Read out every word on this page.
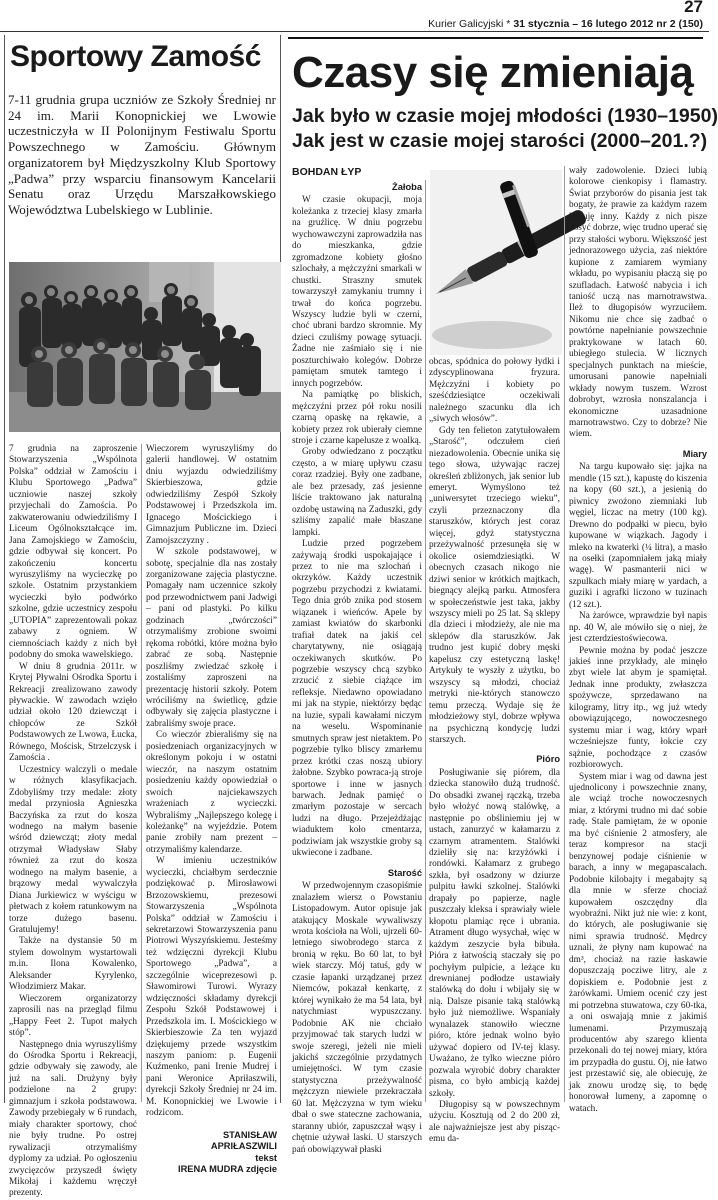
27
Kurier Galicyjski * 31 stycznia – 16 lutego 2012 nr 2 (150)
Sportowy Zamość
7-11 grudnia grupa uczniów ze Szkoły Średniej nr 24 im. Marii Konopnickiej we Lwowie uczestniczyła w II Polonijnym Festiwalu Sportu Powszechnego w Zamościu. Głównym organizatorem był Międzyszkolny Klub Sportowy „Padwa” przy wsparciu finansowym Kancelarii Senatu oraz Urzędu Marszałkowskiego Województwa Lubelskiego w Lublinie.

7 grudnia na zaproszenie Stowarzyszenia „Wspólnota Polska” oddział w Zamościu i Klubu Sportowego „Padwa” uczniowie naszej szkoły przyjechali do Zamościa. Po zakwaterowaniu odwiedziliśmy I Liceum Ogólnokształcące im. Jana Zamojskiego w Zamościu, gdzie odbywał się koncert. Po zakończeniu koncertu wyruszyliśmy na wycieczkę po szkole. Ostatnim przystankiem wycieczki było podwórko szkolne, gdzie uczestnicy zespołu „UTOPIA” zaprezentowali pokaz zabawy z ogniem. W ciemnościach każdy z nich był podobny do smoka wawelskiego.

W dniu 8 grudnia 2011r. w Krytej Pływalni Ośrodka Sportu i Rekreacji zrealizowano zawody pływackie. W zawodach wzięło udział około 120 dziewcząt i chłopców ze Szkół Podstawowych ze Lwowa, Łucka, Równego, Mościsk, Strzelczysk i Zamościa .

Uczestnicy walczyli o medale w różnych klasyfikacjach. Zdobyliśmy trzy medale: złoty medal przyniosła Agnieszka Baczyńska za rzut do kosza wodnego na małym basenie wśród dziewcząt; złoty medal otrzymał Władysław Słaby również za rzut do kosza wodnego na małym basenie, a brązowy medal wywalczyła Diana Jurkiewicz w wyścigu w płetwach z kołem ratunkowym na torze dużego basenu. Gratulujemy!

Także na dystansie 50 m stylem dowolnym wystartowali m.in. Ilona Kowalenko, Aleksander Kyrylenko, Włodzimierz Makar.

Wieczorem organizatorzy zaprosili nas na przegląd filmu „Happy Feet 2. Tupot małych stóp”.

Następnego dnia wyruszyliśmy do Ośrodka Sportu i Rekreacji, gdzie odbywały się zawody, ale już na sali. Drużyny były podzielone na 2 grupy: gimnazjum i szkoła podstawowa. Zawody przebiegały w 6 rundach, miały charakter sportowy, choć nie były trudne. Po ostrej rywalizacji otrzymaliśmy dyplomy za udział. Po ogłoszeniu zwycięzców przyszedł święty Mikołaj i każdemu wręczył prezenty.

Wieczorem wyruszyliśmy do galerii handlowej. W ostatnim dniu wyjazdu odwiedziliśmy Skierbieszowa, gdzie odwiedziliśmy Zespół Szkoły Podstawowej i Przedszkola im. Ignacego Mościckiego i Gimnazjum Publiczne im. Dzieci Zamojszczyzny .

W szkole podstawowej, w sobotę, specjalnie dla nas zostały zorganizowane zajęcia plastyczne. Pomagały nam uczennice szkoły pod przewodnictwem pani Jadwigi – pani od plastyki. Po kilku godzinach „twórczości” otrzymaliśmy zrobione swoimi rękoma robótki, które można było zabrać ze sobą. Następnie poszliśmy zwiedzać szkołę i zostaliśmy zaproszeni na prezentację historii szkoły. Potem wróciliśmy na świetlicę, gdzie odbywały się zajęcia plastyczne i zabraliśmy swoje prace.

Co wieczór zbieraliśmy się na posiedzeniach organizacyjnych w określonym pokoju i w ostatni wieczór, na naszym ostatnim posiedzeniu każdy opowiedział o swoich najciekawszych wrażeniach z wycieczki. Wybraliśmy „Najlepszego kolegę i koleżankę” na wyjeździe. Potem panie zrobiły nam prezent – otrzymaliśmy kalendarze.

W imieniu uczestników wycieczki, chciałbym serdecznie podziękować p. Mirosławowi Brzozowskiemu, prezesowi Stowarzyszenia „Wspólnota Polska” oddział w Zamościu i sekretarzowi Stowarzyszenia panu Piotrowi Wyszyńskiemu. Jesteśmy też wdzięczni dyrekcji Klubu Sportowego „Padwa”, a szczególnie wiceprezesowi p. Sławomirowi Turowi. Wyrazy wdzięczności składamy dyrekcji Zespołu Szkół Podstawowej i Przedszkola im. I. Mościckiego w Skierbieszowie Za ten wyjazd dziękujemy przede wszystkim naszym paniom: p. Eugenii Kuźmenko, pani Irenie Mudrej i pani Weronice Apriłaszwili, dyrekcji Szkoły Średniej nr 24 im. M. Konopnickiej we Lwowie i rodzicom.

STANISŁAW APRIŁASZWILI

tekst

IRENA MUDRA zdjęcie

Czasy się zmieniają
Jak było w czasie mojej młodości (1930–1950)
Jak jest w czasie mojej starości (2000–201.?)
BOHDAN ŁYP
Żałoba

W czasie okupacji, moja koleżanka z trzeciej klasy zmarła na gruźlicę. W dniu pogrzebu wychowawczyni zaprowadziła nas do mieszkanka, gdzie zgromadzone kobiety głośno szlochały, a mężczyźni smarkali w chustki. Straszny smutek towarzyszył zamykaniu trumny i trwał do końca pogrzebu. Wszyscy ludzie byli w czerni, choć ubrani bardzo skromnie. My dzieci czuliśmy powagę sytuacji. Żadne nie zaśmiało się i nie poszturchiwało kolegów. Dobrze pamiętam smutek tamtego i innych pogrzebów.

Na pamiątkę po bliskich, mężczyźni przez pół roku nosili czarną opaskę na rękawie, a kobiety przez rok ubierały ciemne stroje i czarne kapelusze z woalką.

Groby odwiedzano z początku często, a w miarę upływu czasu coraz rzadziej. Były one zadbane, ale bez przesady, zaś jesienne liście traktowano jak naturalną ozdobę ustawiną na Zaduszki, gdy szliśmy zapalić małe błaszane lampki.

Ludzie przed pogrzebem zażywają środki uspokajające i przez to nie ma szlochań i okrzyków. Każdy uczestnik pogrzebu przychodzi z kwiatami. Tego dnia grób znika pod stosem wiązanek i wieńców. Apele by zamiast kwiatów do skarbonki trafiał datek na jakiś cel charytatywny, nie osiągają oczekiwanych skutków. Po pogrzebie wszyscy chcą szybko zrzucić z siebie ciążące im refleksje. Niedawno opowiadano mi jak na stypie, niektórzy będąc na luzie, sypali kawałami niczym na weselu. Wspominanie smutnych spraw jest nietaktem. Po pogrzebie tylko bliscy zmarłemu przez krótki czas noszą ubiory żałobne. Szybko powraca-ją stroje sportowe i inne w jasnych barwach. Jednak pamięć o zmarłym pozostaje w sercach ludzi na długo. Przejeżdżając wiaduktem koło cmentarza, podziwiam jak wszystkie groby są ukwiecone i zadbane.

Starość

W przedwojennym czasopiśmie znalazłem wiersz o Powstaniu Listopadowym. Autor opisuje jak atakujący Moskale wywaliwszy wrota kościoła na Woli, ujrzeli 60-letniego siwobrodego starca z bronią w ręku. Bo 60 lat, to był wiek starczy. Mój tatuś, gdy w czasie łapanki urządzanej przez Niemców, pokazał kenkartę, z której wynikało że ma 54 lata, był natychmiast wypuszczany. Podobnie AK nie chciało przyjmować tak starych ludzi w swoje szeregi, jeżeli nie mieli jakichś szczególnie przydatnych umiejętności. W tym czasie statystyczna przeżywalność mężczyzn niewiele przekraczała 60 lat. Mężczyzna w tym wieku dbał o swe stateczne zachowania, staranny ubiór, zapuszczał wąsy i chętnie używał laski. U starszych pań obowiązywał płaski

obcas, spódnica do połowy łydki i zdyscyplinowana fryzura. Mężczyźni i kobiety po sześćdziesiątce oczekiwali należnego szacunku dla ich „siwych włosów”.

Gdy ten felieton zatytułowałem „Starość”, odczułem cień niezadowolenia. Obecnie unika się tego słowa, używając raczej określeń zbliżonych, jak senior lub emeryt. Wymyślono też „uniwersytet trzeciego wieku”, czyli przeznaczony dla staruszków, których jest coraz więcej, gdyż statystyczna przeżywalność przesunęła się w okolice osiemdziesiątki. W obecnych czasach nikogo nie dziwi senior w krótkich majtkach, biegnący alejką parku. Atmosfera w społeczeństwie jest taka, jakby wszyscy mieli po 25 lat. Są sklepy dla dzieci i młodzieży, ale nie ma sklepów dla staruszków. Jak trudno jest kupić dobry męski kapelusz czy estetyczną laskę! Artykuły te wyszły z użytku, bo wszyscy są młodzi, chociaż metryki nie-których stanowczo temu przeczą. Wydaje się że młodzieżowy styl, dobrze wpływa na psychiczną kondycję ludzi starszych.

Pióro

Posługiwanie się piórem, dla dziecka stanowiło dużą trudność. Do obsadki zwanej rączką, trzeba było włożyć nową stalówkę, a następnie po obśliniemiu jej w ustach, zanurzyć w kałamarzu z czarnym atramentem. Stalówki dzieliły się na: krzyżówki i rondówki. Kałamarz z grubego szkła, był osadzony w dziurze pulpitu ławki szkolnej. Stalówki drapały po papierze, nagle puszczały kleksa i sprawiały wiele kłopotu plamiąc ręce i ubrania. Atrament długo wysychał, więc w każdym zeszycie była bibuła. Pióra z łatwością staczały się po pochyłym pulpicie, a leżące ku drewnianej podłodze ustawiały stalówką do dołu i wbijały się w nią. Dalsze pisanie taką stalówką było już niemożliwe. Wspaniały wynalazek stanowiło wieczne pióro, które jednak wolno było używać dopiero od IV-tej klasy. Uważano, że tylko wieczne pióro pozwala wyrobić dobry charakter pisma, co było ambicją każdej szkoły.

Długopisy są w powszechnym użyciu. Kosztują od 2 do 200 zł, ale najważniejsze jest aby piszącemu da-

wały zadowolenie. Dzieci lubią kolorowe cienkopisy i flamastry. Świat przyborów do pisania jest tak bogaty, że prawie za każdym razem kupuję inny. Każdy z nich pisze dosyć dobrze, więc trudno uperać się przy stałości wyboru. Większość jest jednorazowego użycia, zaś niektóre kupione z zamiarem wymiany wkładu, po wypisaniu płaczą się po szufladach. Łatwość nabycia i ich taniość uczą nas marnotrawstwa. Ileż to długopisów wyrzuciłem. Nikomu nie chce się zadbać o powtórne napełnianie powszechnie praktykowane w latach 60. ubiegłego stulecia. W licznych specjalnych punktach na mieście, umorusani panowie napełniali wkłady nowym tuszem. Wzrost dobrobyt, wzrosła nonszalancja i ekonomiczne uzasadnione marnotrawstwo. Czy to dobrze? Nie wiem.

Miary

Na targu kupowało się: jajka na mendle (15 szt.), kapustę do kiszenia na kopy (60 szt.), a jesienią do piwnicy zwożono ziemniaki lub węgiel, liczac na metry (100 kg). Drewno do podpałki w piecu, było kupowane w wiązkach. Jagody i mleko na kwaterki (¼ litra), a masło na osełki (zapomniałem jaką miały wagę). W pasmanterii nici w szpulkach miały miarę w yardach, a guziki i agrafki liczono w tuzinach (12 szt.).

Na żarówce, wprawdzie był napis np. 40 W, ale mówiło się o niej, że jest czterdziestoświecowa.

Pewnie można by podać jeszcze jakieś inne przykłady, ale minęło zbyt wiele lat abym je spamiętał. Jednak inne produkty, zwłaszcza spożywcze, sprzedawano na kilogramy, litry itp., wg już wtedy obowiązującego, nowoczesnego systemu miar i wag, który wparł wcześniejsze funty, łokcie czy sążnie, pochodzące z czasów rozbiorowych.

System miar i wag od dawna jest ujednolicony i powszechnie znany, ale wciąż troche nowoczesnych miar, z którymi trudno mi dać sobie radę. Stale pamiętam, że w oponie ma być ciśnienie 2 atmosfery, ale teraz kompresor na stacji benzynowej podaje ciśnienie w barach, a inny w megapascalach. Podobnie kilobajty i megabajty są dla mnie w sferze chociaż kupowałem oszczędny dla wyobraźni. Nikt już nie wie: z kont, do których, ale posługiwanie się nimi sprawia trudność. Mędrcy uznali, że płyny nam kupować na dm³, chociaż na razie łaskawie dopuszczają pocziwe litry, ale z dopiskiem e. Podobnie jest z żarówkami. Umiem ocenić czy jest mi potrzebna stuwatowa, czy 60-tka, a oni oswajają mnie z jakimiś lumenami. Przymuszają producentów aby szarego klienta przekonali do tej nowej miary, która im przypadła do gustu. Oj, nie łatwo jest przestawić się, ale obiecuję, że jak znowu urodzę się, to będę honorował lumeny, a zapomnę o watach.
